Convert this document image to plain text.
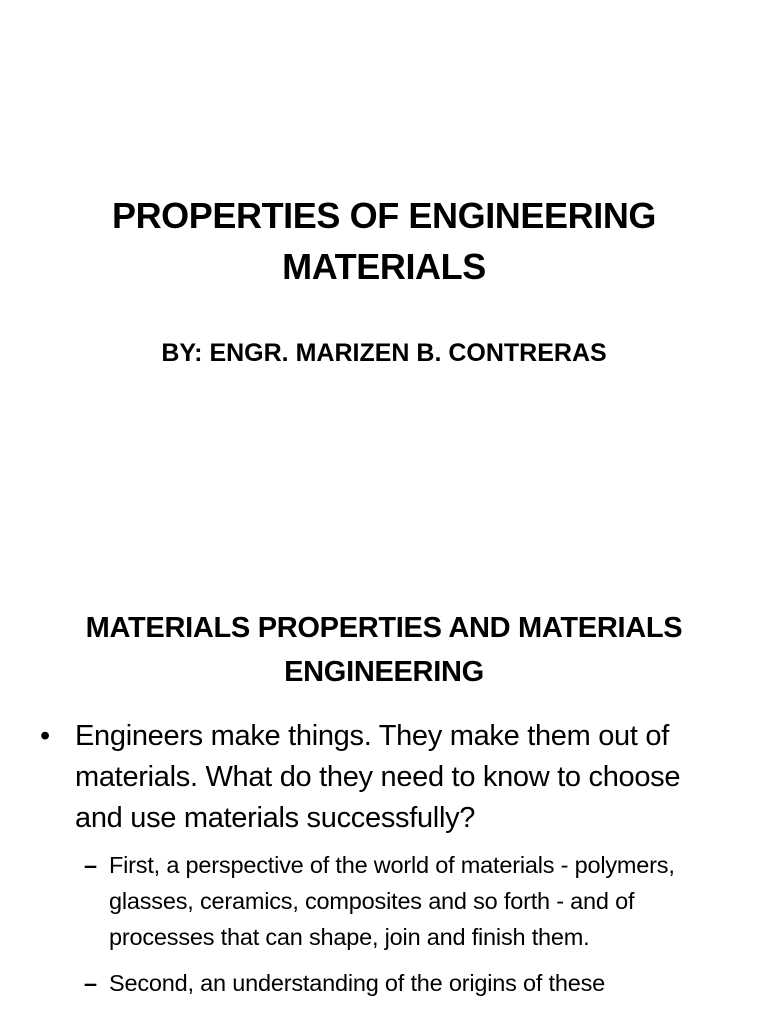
PROPERTIES OF ENGINEERING MATERIALS
BY: ENGR. MARIZEN B. CONTRERAS
MATERIALS PROPERTIES AND MATERIALS ENGINEERING
• Engineers make things. They make them out of materials. What do they need to know to choose and use materials successfully?
– First, a perspective of the world of materials - polymers, glasses, ceramics, composites and so forth - and of processes that can shape, join and finish them.
– Second, an understanding of the origins of these
